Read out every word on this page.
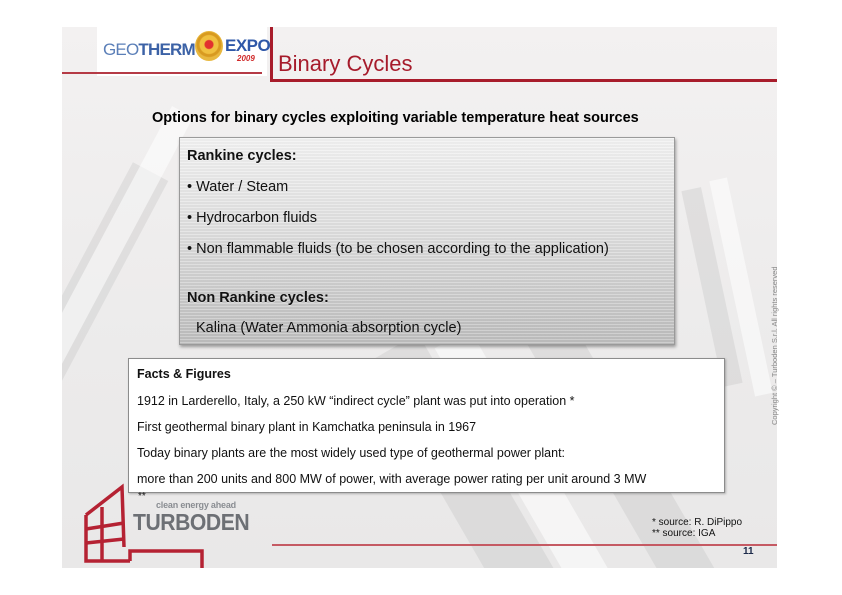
GEOTHERM EXPO
2009 Binary Cycles
Options for binary cycles exploiting variable temperature heat sources
Rankine cycles:
• Water / Steam
• Hydrocarbon fluids
• Non flammable fluids (to be chosen according to the application)
Non Rankine cycles:
Kalina (Water Ammonia absorption cycle)
Facts & Figures
1912 in Larderello, Italy, a 250 kW “indirect cycle” plant was put into operation *
First geothermal binary plant in Kamchatka peninsula in 1967
Today binary plants are the most widely used type of geothermal power plant:
more than 200 units and 800 MW of power, with average power rating per unit around 3 MW
**
clean energy ahead
TURBODEN	* source: R. DiPippo
** source: IGA
11
Copyright © – Turboden S.r.l. All rights reserved
